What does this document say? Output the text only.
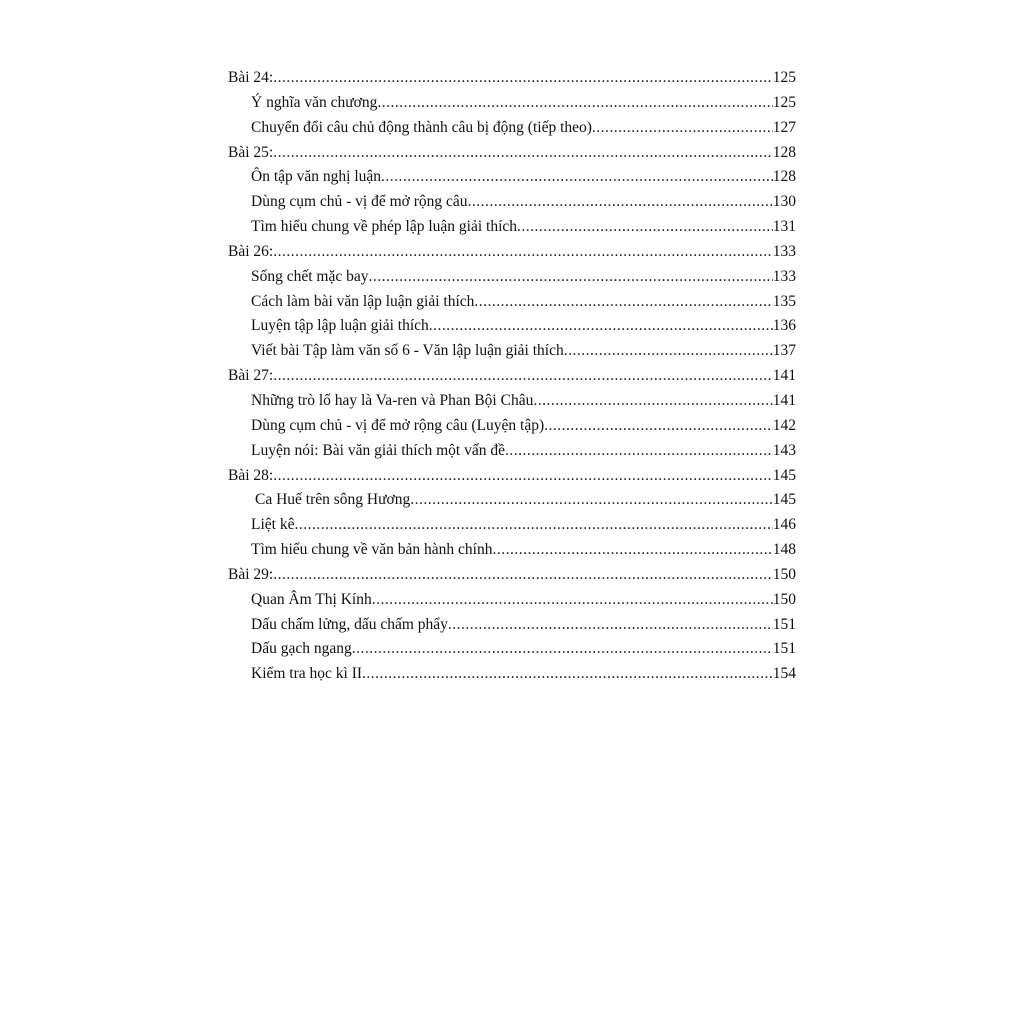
Bài 24: .....	125
Ý nghĩa văn chương .....	125
Chuyển đổi câu chủ động thành câu bị động (tiếp theo) .....	127
Bài 25: .....	128
Ôn tập văn nghị luận .....	128
Dùng cụm chủ - vị để mở rộng câu .....	130
Tìm hiểu chung về phép lập luận giải thích .....	131
Bài 26: .....	133
Sống chết mặc bay .....	133
Cách làm bài văn lập luận giải thích .....	135
Luyện tập lập luận giải thích .....	136
Viết bài Tập làm văn số 6 - Văn lập luận giải thích .....	137
Bài 27: .....	141
Những trò lố hay là Va-ren và Phan Bội Châu .....	141
Dùng cụm chủ - vị để mở rộng câu (Luyện tập) .....	142
Luyện nói: Bài văn giải thích một vấn đề .....	143
Bài 28: .....	145
Ca Huế trên sông Hương .....	145
Liệt kê .....	146
Tìm hiểu chung về văn bản hành chính .....	148
Bài 29: .....	150
Quan Âm Thị Kính .....	150
Dấu chấm lửng, dấu chấm phẩy .....	151
Dấu gạch ngang .....	151
Kiểm tra học kì II .....	154
